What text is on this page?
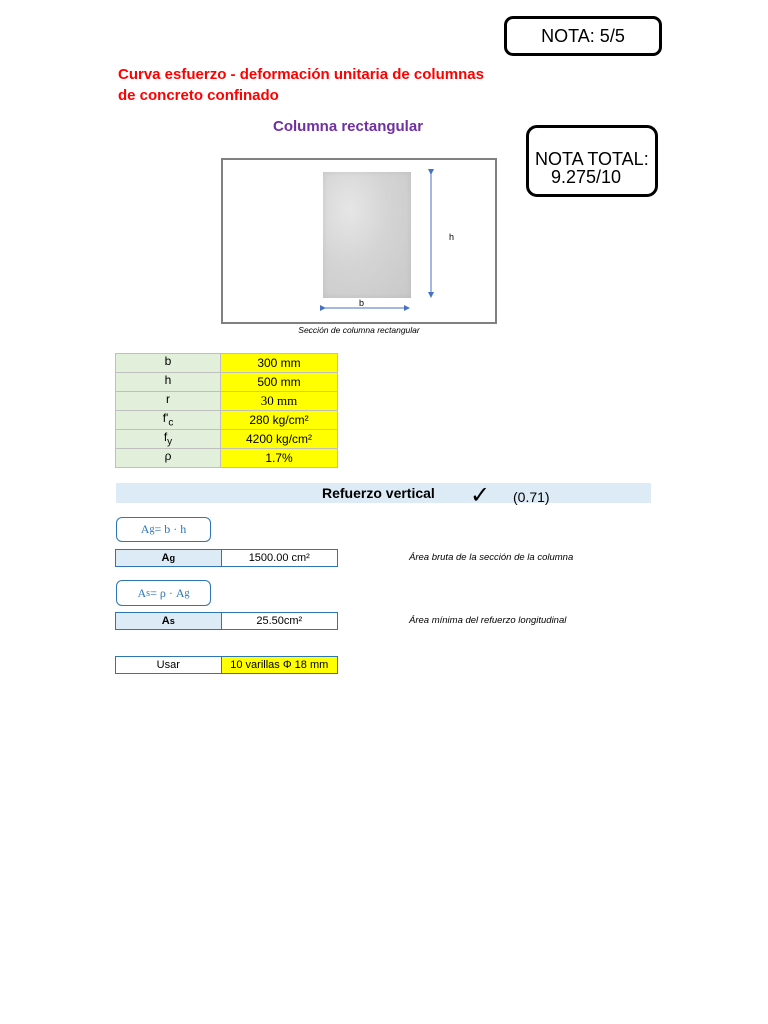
NOTA: 5/5
Curva esfuerzo - deformación unitaria de columnas de concreto confinado
Columna rectangular
NOTA TOTAL:
9.275/10
h
b
Sección de columna rectangular
b	300 mm
h	500 mm
r	30 mm
$f'_c$	280 kg/cm²
$f_y$	4200 kg/cm²
ρ	1.7%
Refuerzo vertical ✓ (0.71)
A g = b · h
A g	1500.00 cm²	Área bruta de la sección de la columna
A s = ρ · A g
A s	25.50cm²	Área mínima del refuerzo longitudinal
Usar	10 varillas Φ 18 mm
